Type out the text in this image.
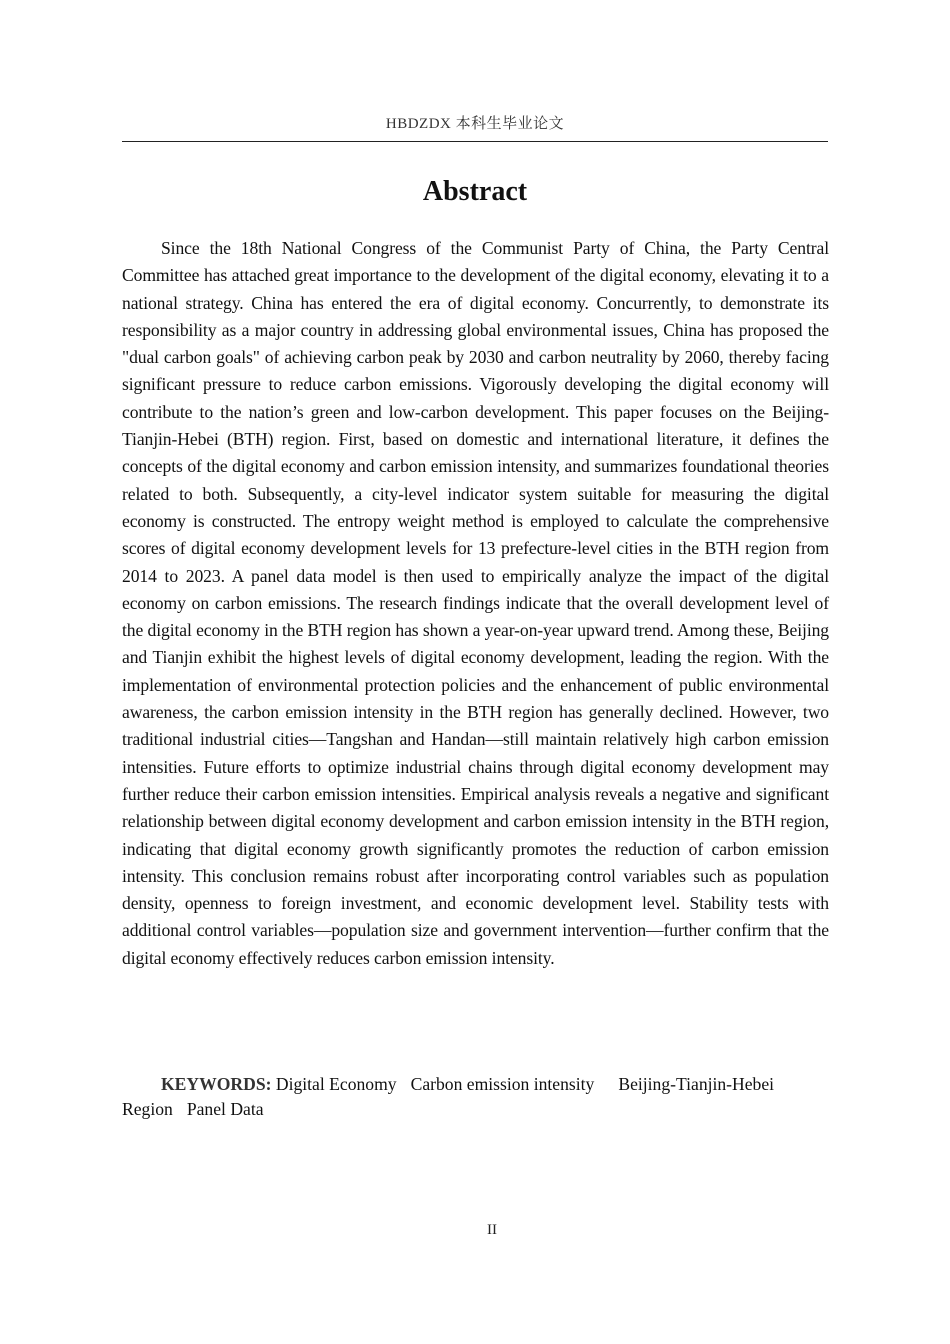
HBDZDX 本科生毕业论文
Abstract

Since the 18th National Congress of the Communist Party of China, the Party Central Committee has attached great importance to the development of the digital economy, elevating it to a national strategy. China has entered the era of digital economy. Concurrently, to demonstrate its responsibility as a major country in addressing global environmental issues, China has proposed the "dual carbon goals" of achieving carbon peak by 2030 and carbon neutrality by 2060, thereby facing significant pressure to reduce carbon emissions. Vigorously developing the digital economy will contribute to the nation’s green and low-carbon development. This paper focuses on the Beijing-Tianjin-Hebei (BTH) region. First, based on domestic and international literature, it defines the concepts of the digital economy and carbon emission intensity, and summarizes foundational theories related to both. Subsequently, a city-level indicator system suitable for measuring the digital economy is constructed. The entropy weight method is employed to calculate the comprehensive scores of digital economy development levels for 13 prefecture-level cities in the BTH region from 2014 to 2023. A panel data model is then used to empirically analyze the impact of the digital economy on carbon emissions. The research findings indicate that the overall development level of the digital economy in the BTH region has shown a year-on-year upward trend. Among these, Beijing and Tianjin exhibit the highest levels of digital economy development, leading the region. With the implementation of environmental protection policies and the enhancement of public environmental awareness, the carbon emission intensity in the BTH region has generally declined. However, two traditional industrial cities—Tangshan and Handan—still maintain relatively high carbon emission intensities. Future efforts to optimize industrial chains through digital economy development may further reduce their carbon emission intensities. Empirical analysis reveals a negative and significant relationship between digital economy development and carbon emission intensity in the BTH region, indicating that digital economy growth significantly promotes the reduction of carbon emission intensity. This conclusion remains robust after incorporating control variables such as population density, openness to foreign investment, and economic development level. Stability tests with additional control variables—population size and government intervention—further confirm that the digital economy effectively reduces carbon emission intensity.

KEYWORDS: Digital Economy Carbon emission intensity Beijing-Tianjin-Hebei Region Panel Data

II
